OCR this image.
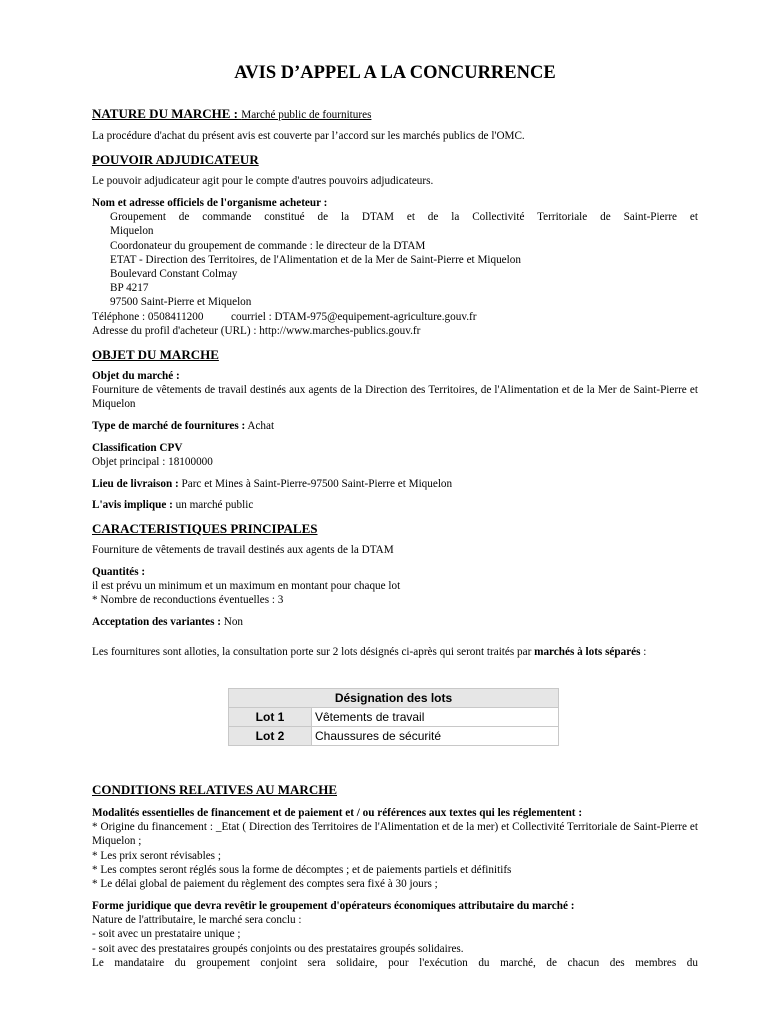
AVIS D’APPEL A LA CONCURRENCE
NATURE DU MARCHE : Marché public de fournitures

La procédure d'achat du présent avis est couverte par l’accord sur les marchés publics de l'OMC.

POUVOIR ADJUDICATEUR

Le pouvoir adjudicateur agit pour le compte d'autres pouvoirs adjudicateurs.

Nom et adresse officiels de l'organisme acheteur :

Groupement de commande constitué de la DTAM et de la Collectivité Territoriale de Saint-Pierre et

Miquelon

Coordonateur du groupement de commande : le directeur de la DTAM

ETAT - Direction des Territoires, de l'Alimentation et de la Mer de Saint-Pierre et Miquelon

Boulevard Constant Colmay

BP 4217

97500 Saint-Pierre et Miquelon

Téléphone : 0508411200 courriel : DTAM-975@equipement-agriculture.gouv.fr

Adresse du profil d'acheteur (URL) : http://www.marches-publics.gouv.fr

OBJET DU MARCHE

Objet du marché :

Fourniture de vêtements de travail destinés aux agents de la Direction des Territoires, de l'Alimentation et de la Mer de Saint-Pierre et Miquelon

Type de marché de fournitures : Achat

Classification CPV

Objet principal : 18100000

Lieu de livraison : Parc et Mines à Saint-Pierre-97500 Saint-Pierre et Miquelon

L'avis implique : un marché public

CARACTERISTIQUES PRINCIPALES

Fourniture de vêtements de travail destinés aux agents de la DTAM

Quantités :

il est prévu un minimum et un maximum en montant pour chaque lot

* Nombre de reconductions éventuelles : 3

Acceptation des variantes : Non

Les fournitures sont alloties, la consultation porte sur 2 lots désignés ci-après qui seront traités par marchés à lots séparés :

Désignation des lots	
Lot 1	Vêtements de travail
Lot 2	Chaussures de sécurité
CONDITIONS RELATIVES AU MARCHE

Modalités essentielles de financement et de paiement et / ou références aux textes qui les réglementent :

* Origine du financement : _Etat ( Direction des Territoires de l'Alimentation et de la mer) et Collectivité Territoriale de Saint-Pierre et Miquelon ;

* Les prix seront révisables ;

* Les comptes seront réglés sous la forme de décomptes ; et de paiements partiels et définitifs

* Le délai global de paiement du règlement des comptes sera fixé à 30 jours ;

Forme juridique que devra revêtir le groupement d'opérateurs économiques attributaire du marché :

Nature de l'attributaire, le marché sera conclu :

- soit avec un prestataire unique ;

- soit avec des prestataires groupés conjoints ou des prestataires groupés solidaires.

Le mandataire du groupement conjoint sera solidaire, pour l'exécution du marché, de chacun des membres du
